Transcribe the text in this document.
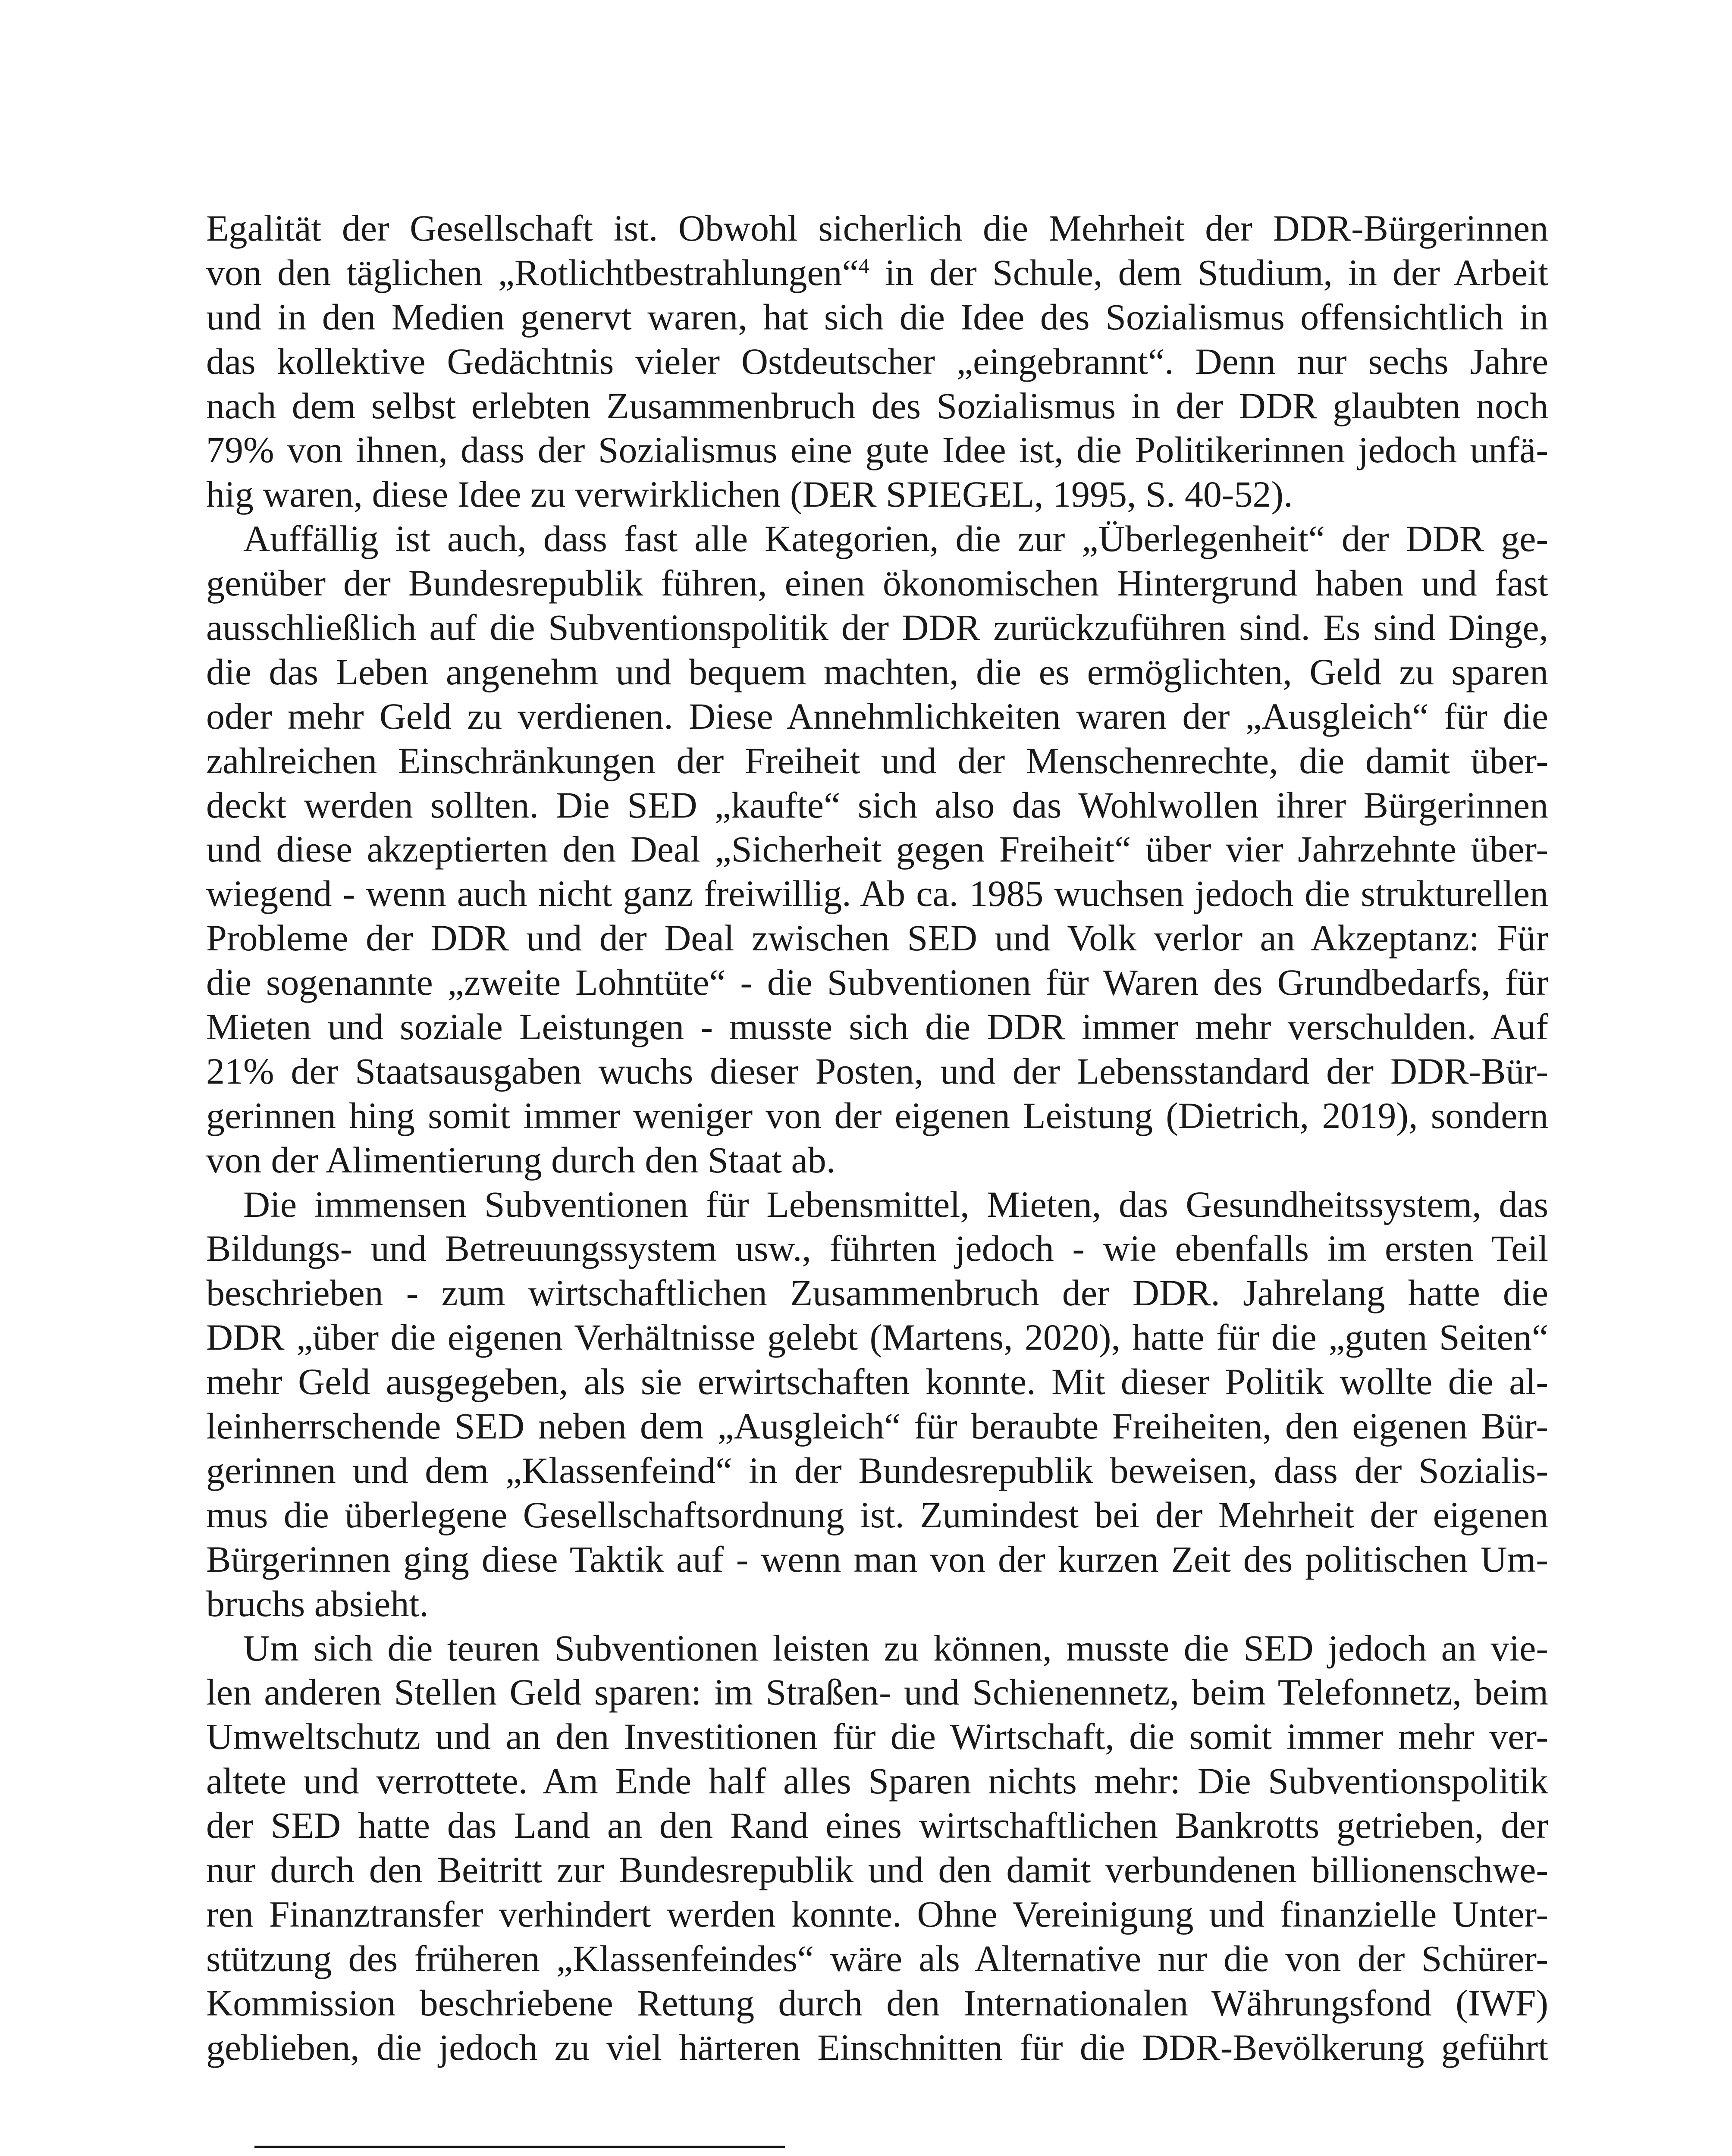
Egalität der Gesellschaft ist. Obwohl sicherlich die Mehrheit der DDR-Bürgerinnen
von den täglichen „Rotlichtbestrahlungen“$^4$ in der Schule, dem Studium, in der Arbeit
und in den Medien genervt waren, hat sich die Idee des Sozialismus offensichtlich in
das kollektive Gedächtnis vieler Ostdeutscher „eingebrannt“. Denn nur sechs Jahre
nach dem selbst erlebten Zusammenbruch des Sozialismus in der DDR glaubten noch
79% von ihnen, dass der Sozialismus eine gute Idee ist, die Politikerinnen jedoch unfä-
hig waren, diese Idee zu verwirklichen (DER SPIEGEL, 1995, S. 40-52).
Auffällig ist auch, dass fast alle Kategorien, die zur „Überlegenheit“ der DDR ge-
genüber der Bundesrepublik führen, einen ökonomischen Hintergrund haben und fast
ausschließlich auf die Subventionspolitik der DDR zurückzuführen sind. Es sind Dinge,
die das Leben angenehm und bequem machten, die es ermöglichten, Geld zu sparen
oder mehr Geld zu verdienen. Diese Annehmlichkeiten waren der „Ausgleich“ für die
zahlreichen Einschränkungen der Freiheit und der Menschenrechte, die damit über-
deckt werden sollten. Die SED „kaufte“ sich also das Wohlwollen ihrer Bürgerinnen
und diese akzeptierten den Deal „Sicherheit gegen Freiheit“ über vier Jahrzehnte über-
wiegend - wenn auch nicht ganz freiwillig. Ab ca. 1985 wuchsen jedoch die strukturellen
Probleme der DDR und der Deal zwischen SED und Volk verlor an Akzeptanz: Für
die sogenannte „zweite Lohntüte“ - die Subventionen für Waren des Grundbedarfs, für
Mieten und soziale Leistungen - musste sich die DDR immer mehr verschulden. Auf
21% der Staatsausgaben wuchs dieser Posten, und der Lebensstandard der DDR-Bür-
gerinnen hing somit immer weniger von der eigenen Leistung (Dietrich, 2019), sondern
von der Alimentierung durch den Staat ab.
Die immensen Subventionen für Lebensmittel, Mieten, das Gesundheitssystem, das
Bildungs- und Betreuungssystem usw., führten jedoch - wie ebenfalls im ersten Teil
beschrieben - zum wirtschaftlichen Zusammenbruch der DDR. Jahrelang hatte die
DDR „über die eigenen Verhältnisse gelebt (Martens, 2020), hatte für die „guten Seiten“
mehr Geld ausgegeben, als sie erwirtschaften konnte. Mit dieser Politik wollte die al-
leinherrschende SED neben dem „Ausgleich“ für beraubte Freiheiten, den eigenen Bür-
gerinnen und dem „Klassenfeind“ in der Bundesrepublik beweisen, dass der Sozialis-
mus die überlegene Gesellschaftsordnung ist. Zumindest bei der Mehrheit der eigenen
Bürgerinnen ging diese Taktik auf - wenn man von der kurzen Zeit des politischen Um-
bruchs absieht.
Um sich die teuren Subventionen leisten zu können, musste die SED jedoch an vie-
len anderen Stellen Geld sparen: im Straßen- und Schienennetz, beim Telefonnetz, beim
Umweltschutz und an den Investitionen für die Wirtschaft, die somit immer mehr ver-
altete und verrottete. Am Ende half alles Sparen nichts mehr: Die Subventionspolitik
der SED hatte das Land an den Rand eines wirtschaftlichen Bankrotts getrieben, der
nur durch den Beitritt zur Bundesrepublik und den damit verbundenen billionenschwe-
ren Finanztransfer verhindert werden konnte. Ohne Vereinigung und finanzielle Unter-
stützung des früheren „Klassenfeindes“ wäre als Alternative nur die von der Schürer-
Kommission beschriebene Rettung durch den Internationalen Währungsfond (IWF)
geblieben, die jedoch zu viel härteren Einschnitten für die DDR-Bevölkerung geführt
